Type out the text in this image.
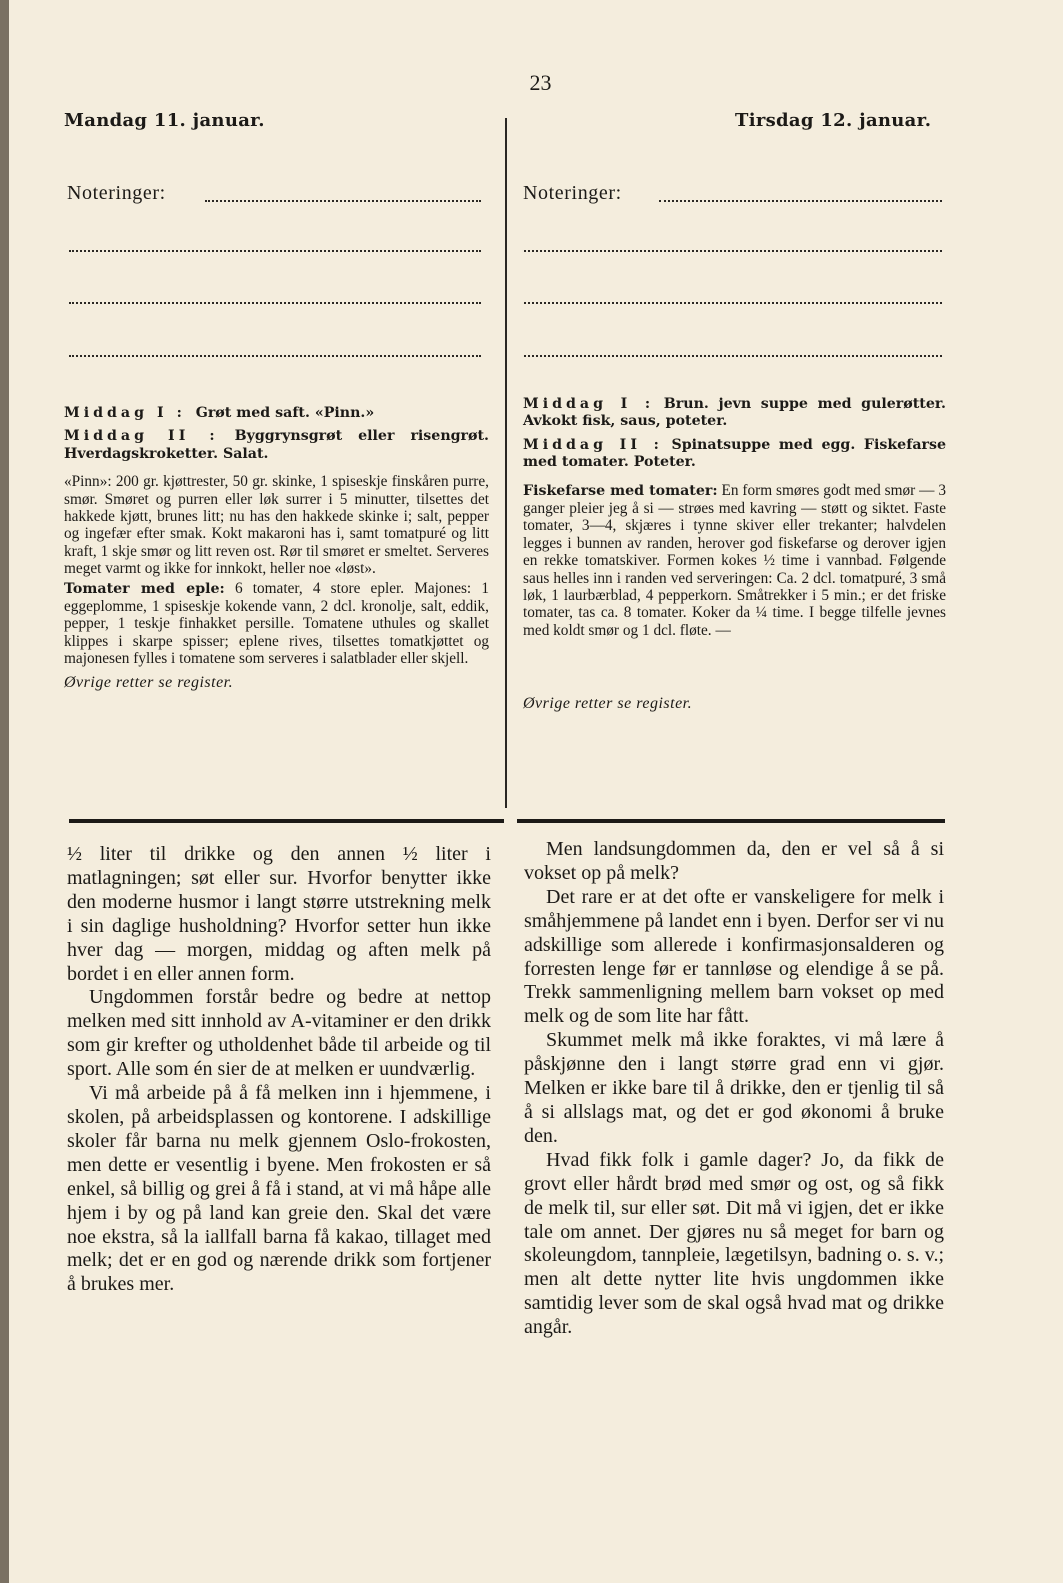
23
Mandag 11. januar.	Tirsdag 12. januar.
Noteringer:	Noteringer:
Middag I : Grøt med saft. «Pinn.»
Middag II : Byggrynsgrøt eller risengrøt. Hverdagskroketter. Salat.
«Pinn»: 200 gr. kjøttrester, 50 gr. skinke, 1 spiseskje finskåren purre, smør. Smøret og purren eller løk surrer i 5 minutter, tilsettes det hakkede kjøtt, brunes litt; nu has den hakkede skinke i; salt, pepper og ingefær efter smak. Kokt makaroni has i, samt tomatpuré og litt kraft, 1 skje smør og litt reven ost. Rør til smøret er smeltet. Serveres meget varmt og ikke for innkokt, heller noe «løst».
Tomater med eple: 6 tomater, 4 store epler. Majones: 1 eggeplomme, 1 spiseskje kokende vann, 2 dcl. kronolje, salt, eddik, pepper, 1 teskje finhakket persille. Tomatene uthules og skallet klippes i skarpe spisser; eplene rives, tilsettes tomatkjøttet og majonesen fylles i tomatene som serveres i salatblader eller skjell.
Øvrige retter se register.
Middag I : Brun. jevn suppe med gulerøtter. Avkokt fisk, saus, poteter.
Middag II : Spinatsuppe med egg. Fiskefarse med tomater. Poteter.
Fiskefarse med tomater: En form smøres godt med smør — 3 ganger pleier jeg å si — strøes med kavring — støtt og siktet. Faste tomater, 3—4, skjæres i tynne skiver eller trekanter; halvdelen legges i bunnen av randen, herover god fiskefarse og derover igjen en rekke tomatskiver. Formen kokes ½ time i vannbad. Følgende saus helles inn i randen ved serveringen: Ca. 2 dcl. tomatpuré, 3 små løk, 1 laurbærblad, 4 pepperkorn. Småtrekker i 5 min.; er det friske tomater, tas ca. 8 tomater. Koker da ¼ time. I begge tilfelle jevnes med koldt smør og 1 dcl. fløte. —
Øvrige retter se register.

½ liter til drikke og den annen ½ liter i matlagningen; søt eller sur. Hvorfor benytter ikke den moderne husmor i langt større utstrekning melk i sin daglige husholdning? Hvorfor setter hun ikke hver dag — morgen, middag og aften melk på bordet i en eller annen form.

Ungdommen forstår bedre og bedre at nettop melken med sitt innhold av A-vitaminer er den drikk som gir krefter og utholdenhet både til arbeide og til sport. Alle som én sier de at melken er uundværlig.

Vi må arbeide på å få melken inn i hjemmene, i skolen, på arbeidsplassen og kontorene. I adskillige skoler får barna nu melk gjennem Oslo-frokosten, men dette er vesentlig i byene. Men frokosten er så enkel, så billig og grei å få i stand, at vi må håpe alle hjem i by og på land kan greie den. Skal det være noe ekstra, så la iallfall barna få kakao, tillaget med melk; det er en god og nærende drikk som fortjener å brukes mer.

Men landsungdommen da, den er vel så å si vokset op på melk?

Det rare er at det ofte er vanskeligere for melk i småhjemmene på landet enn i byen. Derfor ser vi nu adskillige som allerede i konfirmasjonsalderen og forresten lenge før er tannløse og elendige å se på. Trekk sammenligning mellem barn vokset op med melk og de som lite har fått.

Skummet melk må ikke foraktes, vi må lære å påskjønne den i langt større grad enn vi gjør. Melken er ikke bare til å drikke, den er tjenlig til så å si allslags mat, og det er god økonomi å bruke den.

Hvad fikk folk i gamle dager? Jo, da fikk de grovt eller hårdt brød med smør og ost, og så fikk de melk til, sur eller søt. Dit må vi igjen, det er ikke tale om annet. Der gjøres nu så meget for barn og skoleungdom, tannpleie, lægetilsyn, badning o. s. v.; men alt dette nytter lite hvis ungdommen ikke samtidig lever som de skal også hvad mat og drikke angår.
